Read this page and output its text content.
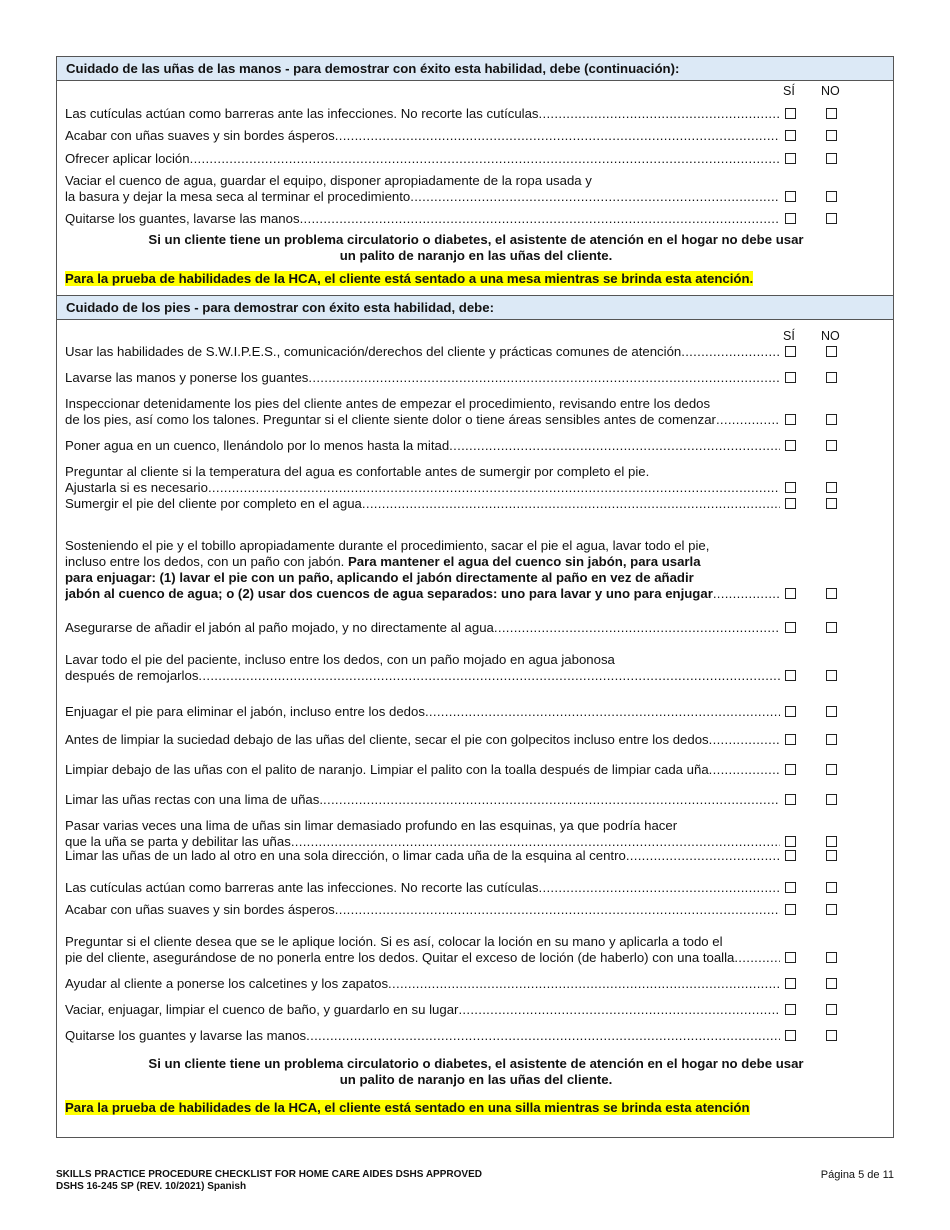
Cuidado de las uñas de las manos - para demostrar con éxito esta habilidad, debe (continuación):
SÍ NO
Las cutículas actúan como barreras ante las infecciones. No recorte las cutículas
.....
Acabar con uñas suaves y sin bordes ásperos
.....
Ofrecer aplicar loción
.....
Vaciar el cuenco de agua, guardar el equipo, disponer apropiadamente de la ropa usada y
la basura y dejar la mesa seca al terminar el procedimiento
.....
Quitarse los guantes, lavarse las manos
.....
Si un cliente tiene un problema circulatorio o diabetes, el asistente de atención en el hogar no debe usar
un palito de naranjo en las uñas del cliente.
Para la prueba de habilidades de la HCA, el cliente está sentado a una mesa mientras se brinda esta atención.
Cuidado de los pies - para demostrar con éxito esta habilidad, debe:
SÍ NO
Usar las habilidades de S.W.I.P.E.S., comunicación/derechos del cliente y prácticas comunes de atención
.....
Lavarse las manos y ponerse los guantes
.....
Inspeccionar detenidamente los pies del cliente antes de empezar el procedimiento, revisando entre los dedos
de los pies, así como los talones. Preguntar si el cliente siente dolor o tiene áreas sensibles antes de comenzar
.....
Poner agua en un cuenco, llenándolo por lo menos hasta la mitad
.....
Preguntar al cliente si la temperatura del agua es confortable antes de sumergir por completo el pie.
Ajustarla si es necesario
.....
Sumergir el pie del cliente por completo en el agua
.....
Sosteniendo el pie y el tobillo apropiadamente durante el procedimiento, sacar el pie el agua, lavar todo el pie,
incluso entre los dedos, con un paño con jabón. Para mantener el agua del cuenco sin jabón, para usarla
para enjuagar: (1) lavar el pie con un paño, aplicando el jabón directamente al paño en vez de añadir
jabón al cuenco de agua; o (2) usar dos cuencos de agua separados: uno para lavar y uno para enjugar
.....
Asegurarse de añadir el jabón al paño mojado, y no directamente al agua
.....
Lavar todo el pie del paciente, incluso entre los dedos, con un paño mojado en agua jabonosa
después de remojarlos
.....
Enjuagar el pie para eliminar el jabón, incluso entre los dedos
.....
Antes de limpiar la suciedad debajo de las uñas del cliente, secar el pie con golpecitos incluso entre los dedos
.....
Limpiar debajo de las uñas con el palito de naranjo. Limpiar el palito con la toalla después de limpiar cada uña
.....
Limar las uñas rectas con una lima de uñas.
.....
Pasar varias veces una lima de uñas sin limar demasiado profundo en las esquinas, ya que podría hacer
que la uña se parta y debilitar las uñas
.....
Limar las uñas de un lado al otro en una sola dirección, o limar cada uña de la esquina al centro
.....
Las cutículas actúan como barreras ante las infecciones. No recorte las cutículas
.....
Acabar con uñas suaves y sin bordes ásperos
.....
Preguntar si el cliente desea que se le aplique loción. Si es así, colocar la loción en su mano y aplicarla a todo el
pie del cliente, asegurándose de no ponerla entre los dedos. Quitar el exceso de loción (de haberlo) con una toalla
.....
Ayudar al cliente a ponerse los calcetines y los zapatos
.....
Vaciar, enjuagar, limpiar el cuenco de baño, y guardarlo en su lugar
.....
Quitarse los guantes y lavarse las manos
.....
Si un cliente tiene un problema circulatorio o diabetes, el asistente de atención en el hogar no debe usar
un palito de naranjo en las uñas del cliente.
Para la prueba de habilidades de la HCA, el cliente está sentado en una silla mientras se brinda esta atención
SKILLS PRACTICE PROCEDURE CHECKLIST FOR HOME CARE AIDES DSHS APPROVED
DSHS 16-245 SP (REV. 10/2021) Spanish
Página 5 de 11
